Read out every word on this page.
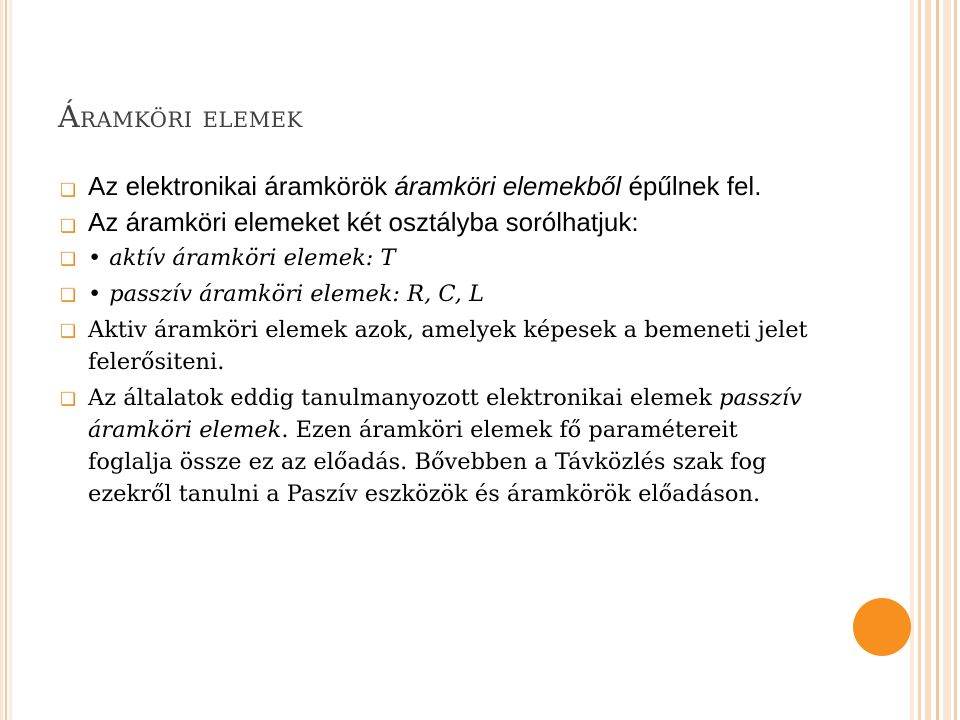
Áramköri elemek
❏ Az elektronikai áramkörök áramköri elemekből épűlnek fel.
❏ Az áramköri elemeket két osztályba sorólhatjuk:
❏ • aktív áramköri elemek: T
❏ • passzív áramköri elemek: R, C, L
❏ Aktiv áramköri elemek azok, amelyek képesek a bemeneti jelet felerősiteni.
❏ Az általatok eddig tanulmanyozott elektronikai elemek passzív áramköri elemek. Ezen áramköri elemek fő paramétereit foglalja össze ez az előadás. Bővebben a Távközlés szak fog ezekről tanulni a Paszív eszközök és áramkörök előadáson.
